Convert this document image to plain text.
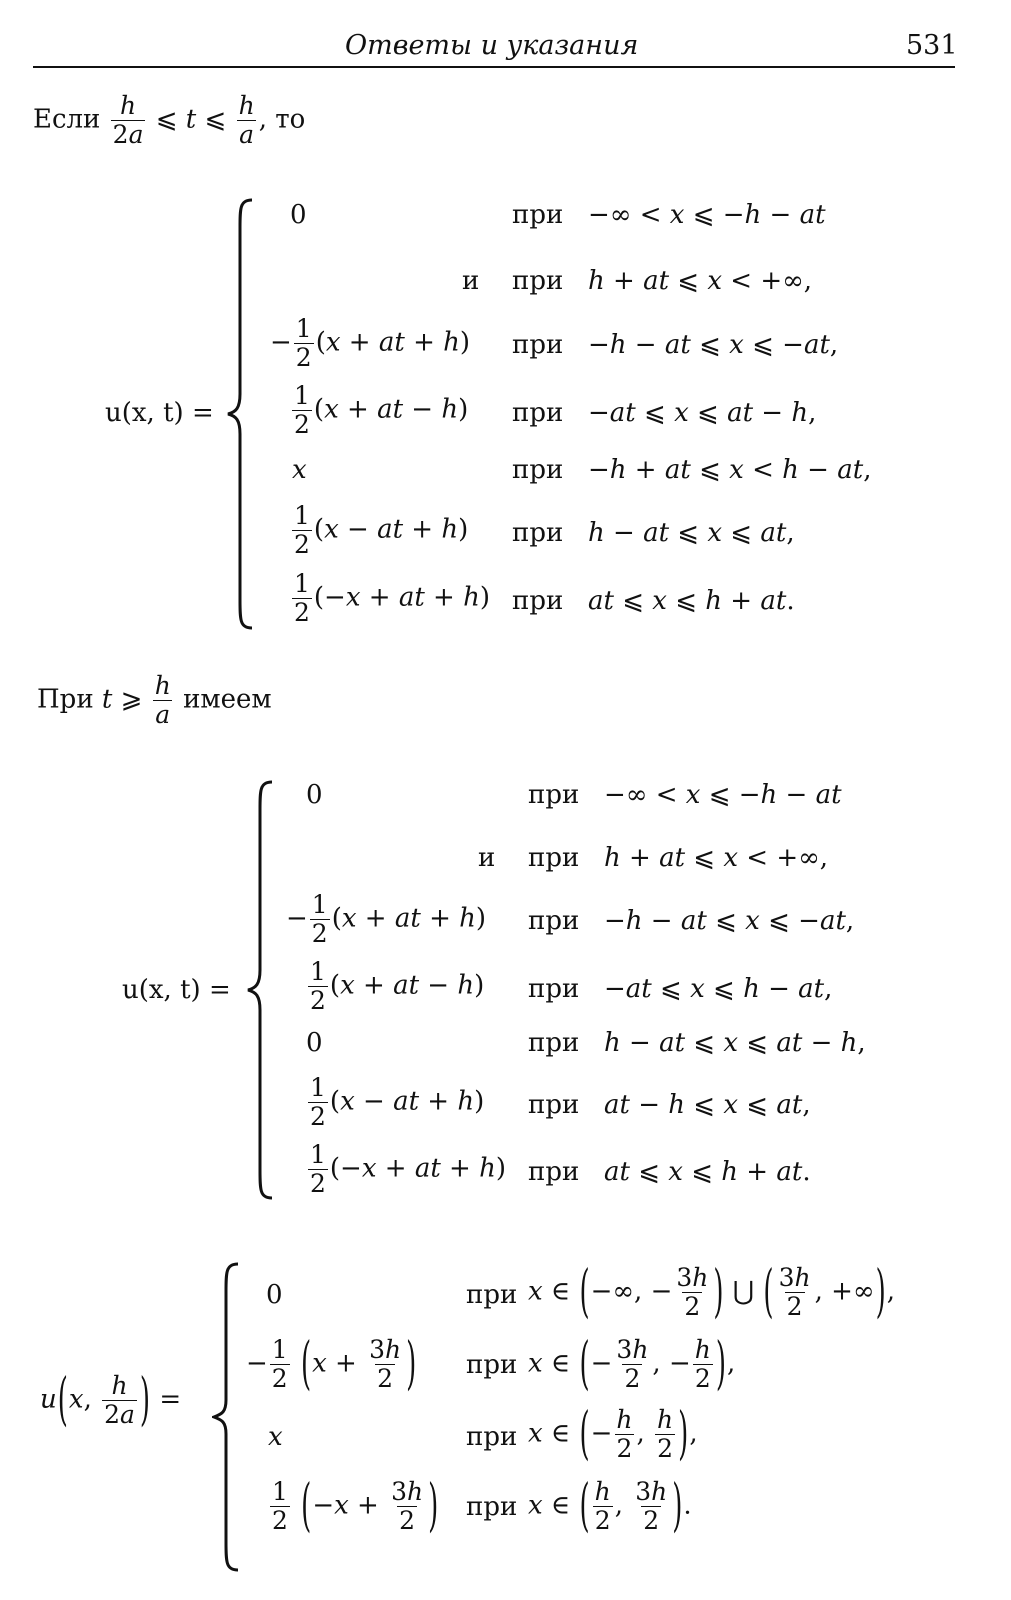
Ответы и указания	531
Если $\frac{h}{2a}$ ⩽ t ⩽ $\frac{h}{a}$ , то
u(x, t) =
0	при −∞ < x ⩽ −h − at
и при h + at ⩽ x < +∞,
− $\frac{1}{2} (x$ + at + h) при −h − at ⩽ x ⩽ −at,
$\frac{1}{2} (x$ + at − h) при −at ⩽ x ⩽ at − h,
x	при −h + at ⩽ x < h − at,
$\frac{1}{2} (x$ − at + h) при h − at ⩽ x ⩽ at,
$\frac{1}{2} (-x$ + at + h) при at ⩽ x ⩽ h + at.
При t ⩾ $\frac{h}{a}$ имеем
u(x, t) =
0	при −∞ < x ⩽ −h − at
и при h + at ⩽ x < +∞,
− $\frac{1}{2} (x$ + at + h) при −h − at ⩽ x ⩽ −at,
$\frac{1}{2} (x$ + at − h) при −at ⩽ x ⩽ h − at,
0	при h − at ⩽ x ⩽ at − h,
$\frac{1}{2} (x$ − at + h) при at − h ⩽ x ⩽ at,
$\frac{1}{2} (-x$ + at + h) при at ⩽ x ⩽ h + at.
u(x, $\frac{h}{2a}$ ) =
0	при x ∈ (−∞, − $\frac{3h}{2}$ ) ⋃ ( $\frac{3h}{2}$ , +∞),
− $\frac{1}{2} (x + \frac{3h}{2}$ ) при x ∈ (− $\frac{3h}{2}$ , − $\frac{h}{2}$ ),
x	при x ∈ (− $\frac{h}{2}$ , $\frac{h}{2}$ ),
$\frac{1}{2} (-x + \frac{3h}{2}$ ) при x ∈ ( $\frac{h}{2}$ , $\frac{3h}{2}$ ).
